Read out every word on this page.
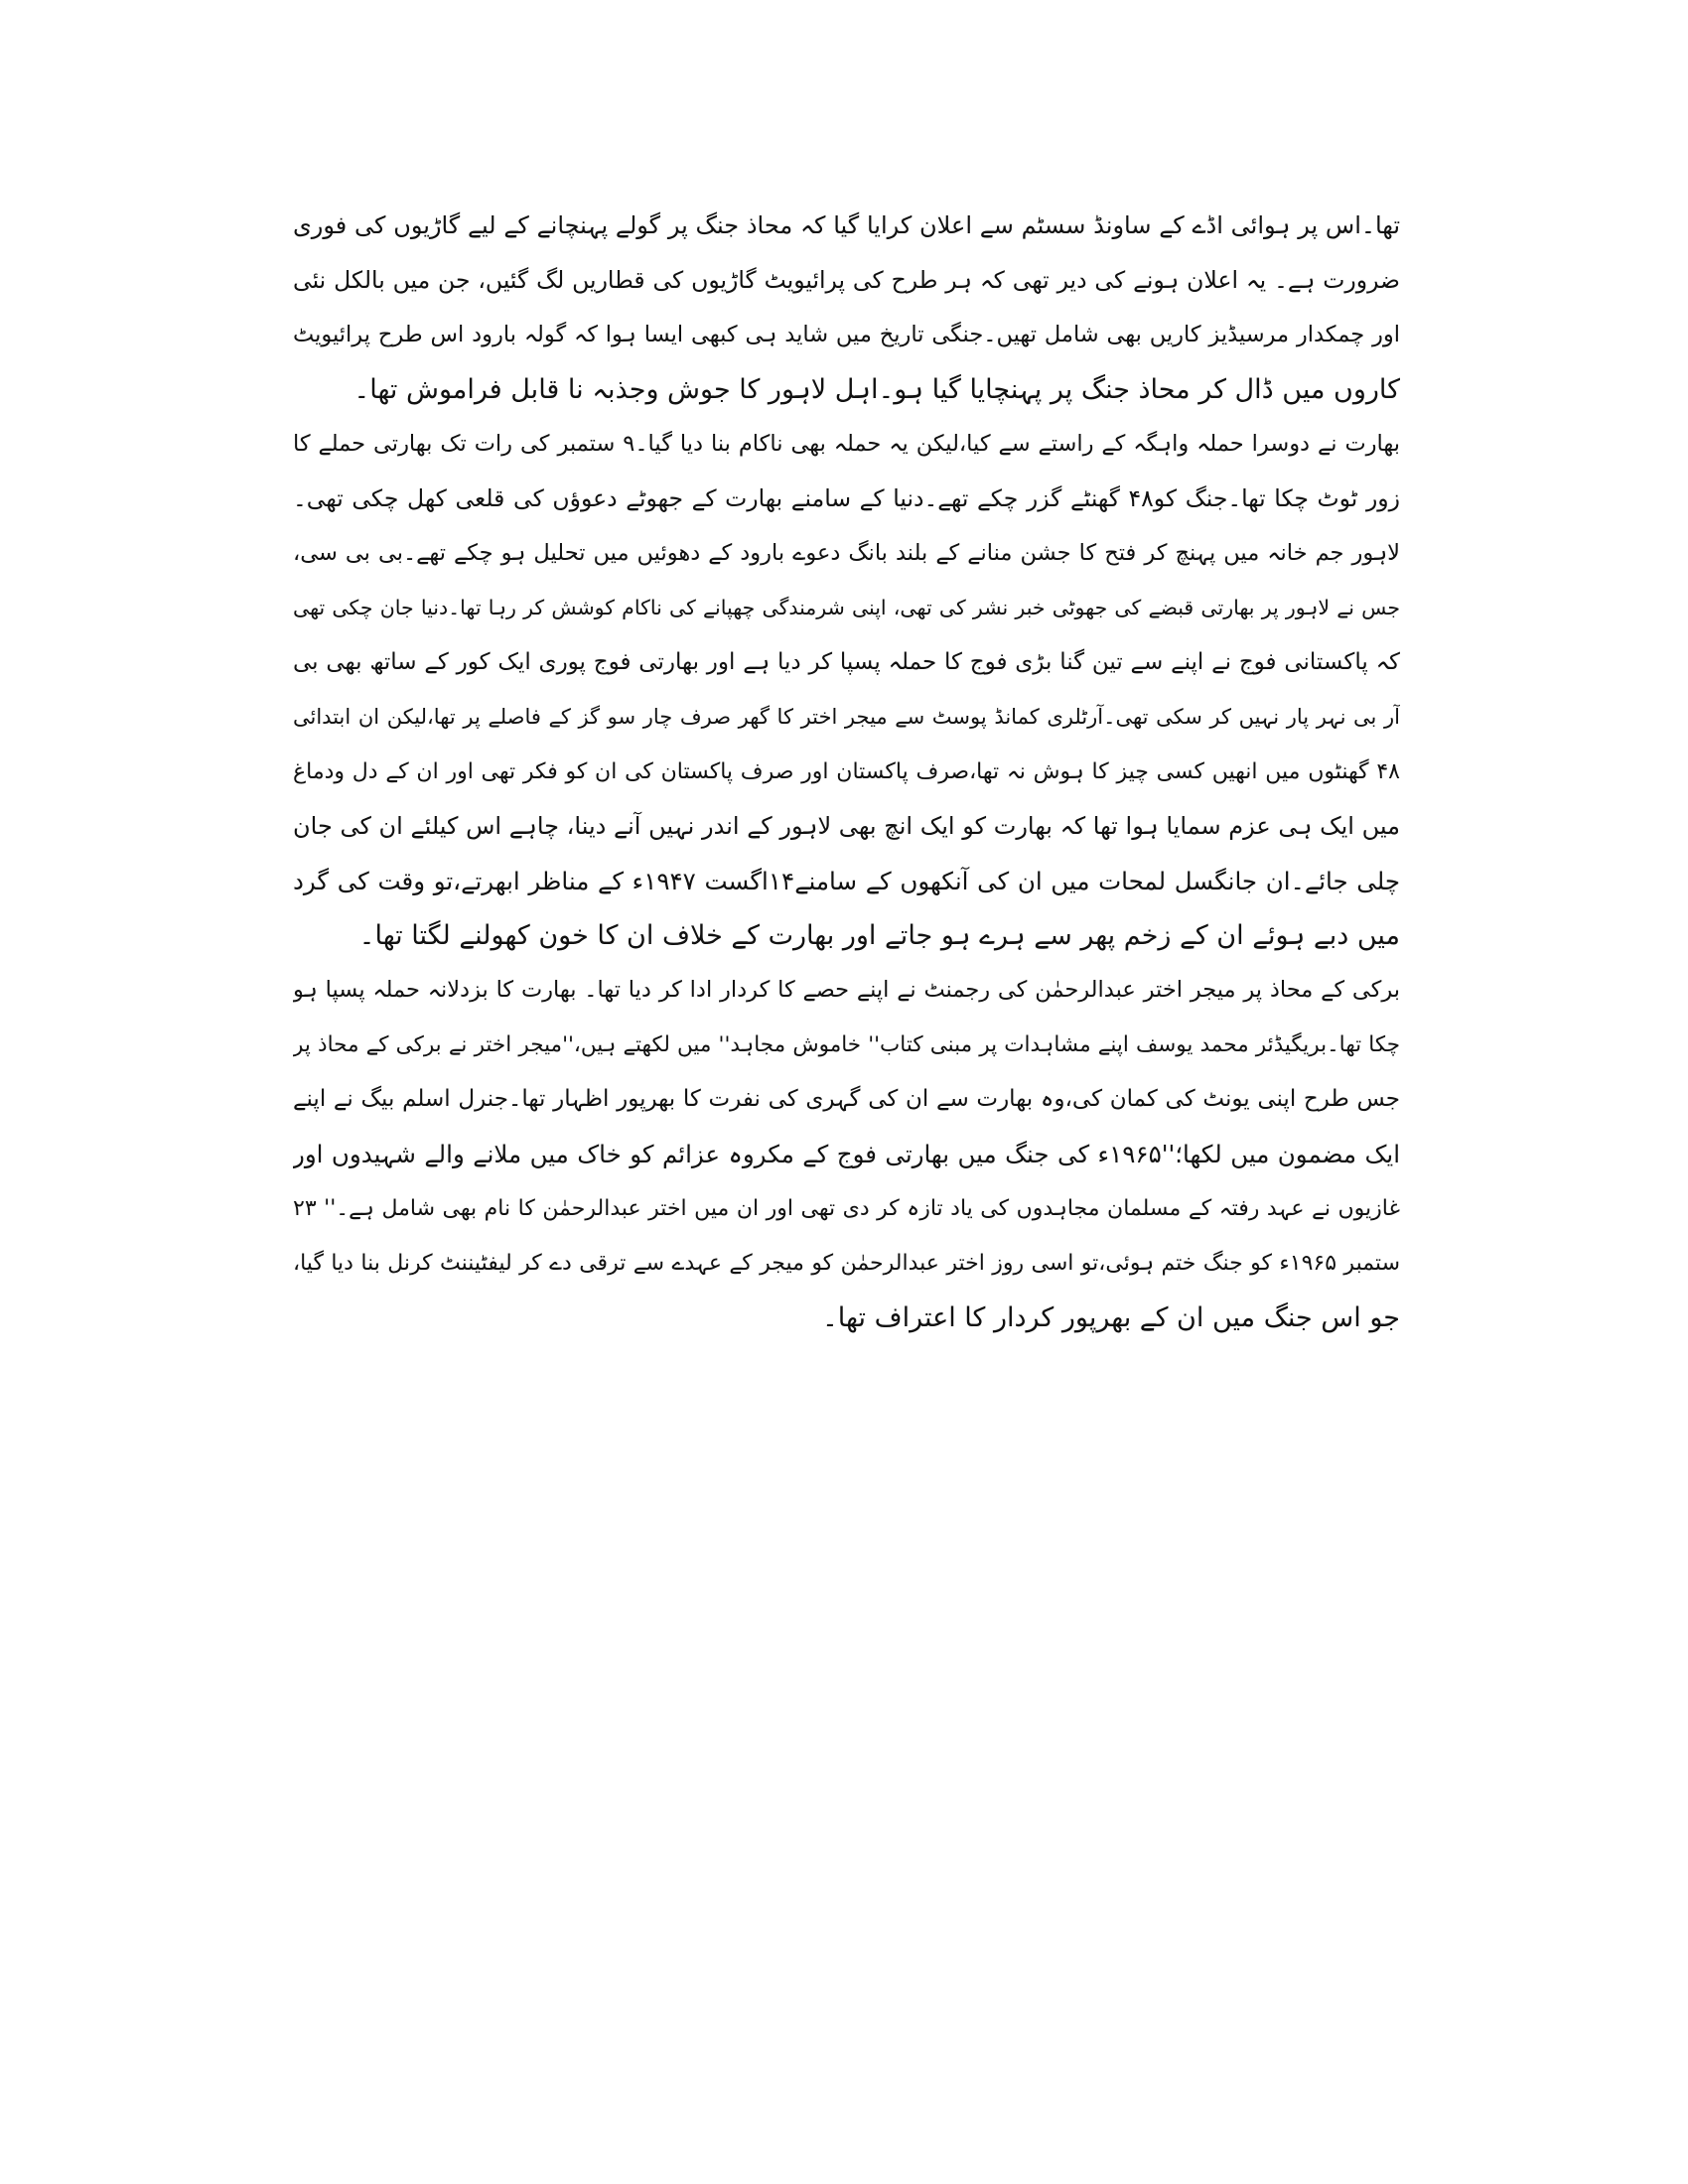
تھا۔اس پر ہوائی اڈے کے ساونڈ سسٹم سے اعلان کرایا گیا کہ محاذ جنگ پر گولے پہنچانے کے لیے گاڑیوں کی فوری
ضرورت ہے۔ یہ اعلان ہونے کی دیر تھی کہ ہر طرح کی پرائیویٹ گاڑیوں کی قطاریں لگ گئیں، جن میں بالکل نئی
اور چمکدار مرسیڈیز کاریں بھی شامل تھیں۔جنگی تاریخ میں شاید ہی کبھی ایسا ہوا کہ گولہ بارود اس طرح پرائیویٹ
کاروں میں ڈال کر محاذ جنگ پر پہنچایا گیا ہو۔اہل لاہور کا جوش وجذبہ نا قابل فراموش تھا۔
بھارت نے دوسرا حملہ واہگہ کے راستے سے کیا،لیکن یہ حملہ بھی ناکام بنا دیا گیا۔۹ ستمبر کی رات تک بھارتی حملے کا
زور ٹوٹ چکا تھا۔جنگ کو۴۸ گھنٹے گزر چکے تھے۔دنیا کے سامنے بھارت کے جھوٹے دعوؤں کی قلعی کھل چکی تھی۔
لاہور جم خانہ میں پہنچ کر فتح کا جشن منانے کے بلند بانگ دعوے بارود کے دھوئیں میں تحلیل ہو چکے تھے۔بی بی سی،
جس نے لاہور پر بھارتی قبضے کی جھوٹی خبر نشر کی تھی، اپنی شرمندگی چھپانے کی ناکام کوشش کر رہا تھا۔دنیا جان چکی تھی
کہ پاکستانی فوج نے اپنے سے تین گنا بڑی فوج کا حملہ پسپا کر دیا ہے اور بھارتی فوج پوری ایک کور کے ساتھ بھی بی
آر بی نہر پار نہیں کر سکی تھی۔آرٹلری کمانڈ پوسٹ سے میجر اختر کا گھر صرف چار سو گز کے فاصلے پر تھا،لیکن ان ابتدائی
۴۸ گھنٹوں میں انھیں کسی چیز کا ہوش نہ تھا،صرف پاکستان اور صرف پاکستان کی ان کو فکر تھی اور ان کے دل ودماغ
میں ایک ہی عزم سمایا ہوا تھا کہ بھارت کو ایک انچ بھی لاہور کے اندر نہیں آنے دینا، چاہے اس کیلئے ان کی جان
چلی جائے۔ان جانگسل لمحات میں ان کی آنکھوں کے سامنے۱۴اگست ۱۹۴۷ء کے مناظر ابھرتے،تو وقت کی گرد
میں دبے ہوئے ان کے زخم پھر سے ہرے ہو جاتے اور بھارت کے خلاف ان کا خون کھولنے لگتا تھا۔
برکی کے محاذ پر میجر اختر عبدالرحمٰن کی رجمنٹ نے اپنے حصے کا کردار ادا کر دیا تھا۔ بھارت کا بزدلانہ حملہ پسپا ہو
چکا تھا۔بریگیڈئر محمد یوسف اپنے مشاہدات پر مبنی کتاب'' خاموش مجاہد'' میں لکھتے ہیں،''میجر اختر نے برکی کے محاذ پر
جس طرح اپنی یونٹ کی کمان کی،وہ بھارت سے ان کی گہری کی نفرت کا بھرپور اظہار تھا۔جنرل اسلم بیگ نے اپنے
ایک مضمون میں لکھا؛''۱۹۶۵ء کی جنگ میں بھارتی فوج کے مکروہ عزائم کو خاک میں ملانے والے شہیدوں اور
غازیوں نے عہد رفتہ کے مسلمان مجاہدوں کی یاد تازہ کر دی تھی اور ان میں اختر عبدالرحمٰن کا نام بھی شامل ہے۔'' ۲۳
ستمبر ۱۹۶۵ء کو جنگ ختم ہوئی،تو اسی روز اختر عبدالرحمٰن کو میجر کے عہدے سے ترقی دے کر لیفٹیننٹ کرنل بنا دیا گیا،
جو اس جنگ میں ان کے بھرپور کردار کا اعتراف تھا۔
